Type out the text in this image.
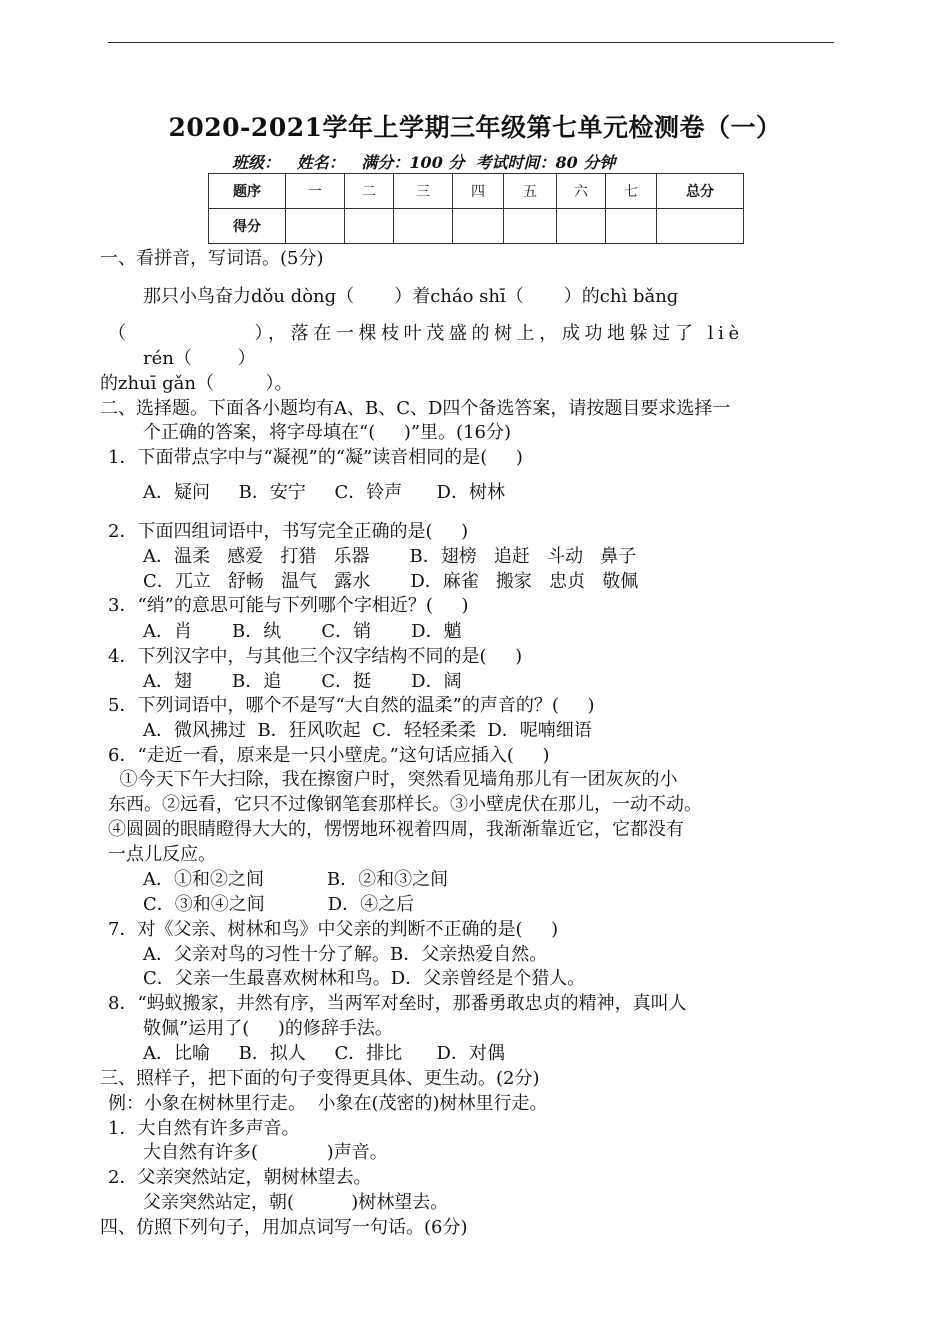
2020-2021学年上学期三年级第七单元检测卷（一）
班级：   姓名：   满分：100 分  考试时间：80 分钟
题序	一	二	三	四	五	六	七	总分
得分								
一、看拼音，写词语。(5分)
那只小鸟奋力dǒu dònɡ（       ）着cháo shī（       ）的chì bǎnɡ
（            ），落在一棵枝叶茂盛的树上，成功地躲过了 liè
rén（        ）
的zhuī gǎn（         ）。
二、选择题。下面各小题均有A、B、C、D四个备选答案，请按题目要求选择一
个正确的答案，将字母填在“(     )”里。(16分)
1．下面带点字中与“凝视”的“凝”读音相同的是(     )
A．疑问     B．安宁     C．铃声      D．树林
2．下面四组词语中，书写完全正确的是(     )
A．温柔   感爱   打猎   乐器       B．翅榜   追赶   斗动   鼻子
C．兀立   舒畅   温气   露水       D．麻雀   搬家   忠贞   敬佩
3．“绡”的意思可能与下列哪个字相近？(     )
A．肖       B．纨       C．销       D．魈
4．下列汉字中，与其他三个汉字结构不同的是(     )
A．翅       B．追       C．挺       D．阔
5．下列词语中，哪个不是写“大自然的温柔”的声音的？(     )
A．微风拂过  B．狂风吹起  C．轻轻柔柔  D．呢喃细语
6．“走近一看，原来是一只小壁虎。”这句话应插入(     )
①今天下午大扫除，我在擦窗户时，突然看见墙角那儿有一团灰灰的小
东西。②远看，它只不过像钢笔套那样长。③小壁虎伏在那儿，一动不动。
④圆圆的眼睛瞪得大大的，愣愣地环视着四周，我渐渐靠近它，它都没有
一点儿反应。
A．①和②之间           B．②和③之间
C．③和④之间           D．④之后
7．对《父亲、树林和鸟》中父亲的判断不正确的是(     )
A．父亲对鸟的习性十分了解。B．父亲热爱自然。
C．父亲一生最喜欢树林和鸟。D．父亲曾经是个猎人。
8．“蚂蚁搬家，井然有序，当两军对垒时，那番勇敢忠贞的精神，真叫人
敬佩”运用了(     )的修辞手法。
A．比喻     B．拟人     C．排比      D．对偶
三、照样子，把下面的句子变得更具体、更生动。(2分)
例：小象在树林里行走。  小象在(茂密的)树林里行走。
1．大自然有许多声音。
大自然有许多(            )声音。
2．父亲突然站定，朝树林望去。
父亲突然站定，朝(          )树林望去。
四、仿照下列句子，用加点词写一句话。(6分)
